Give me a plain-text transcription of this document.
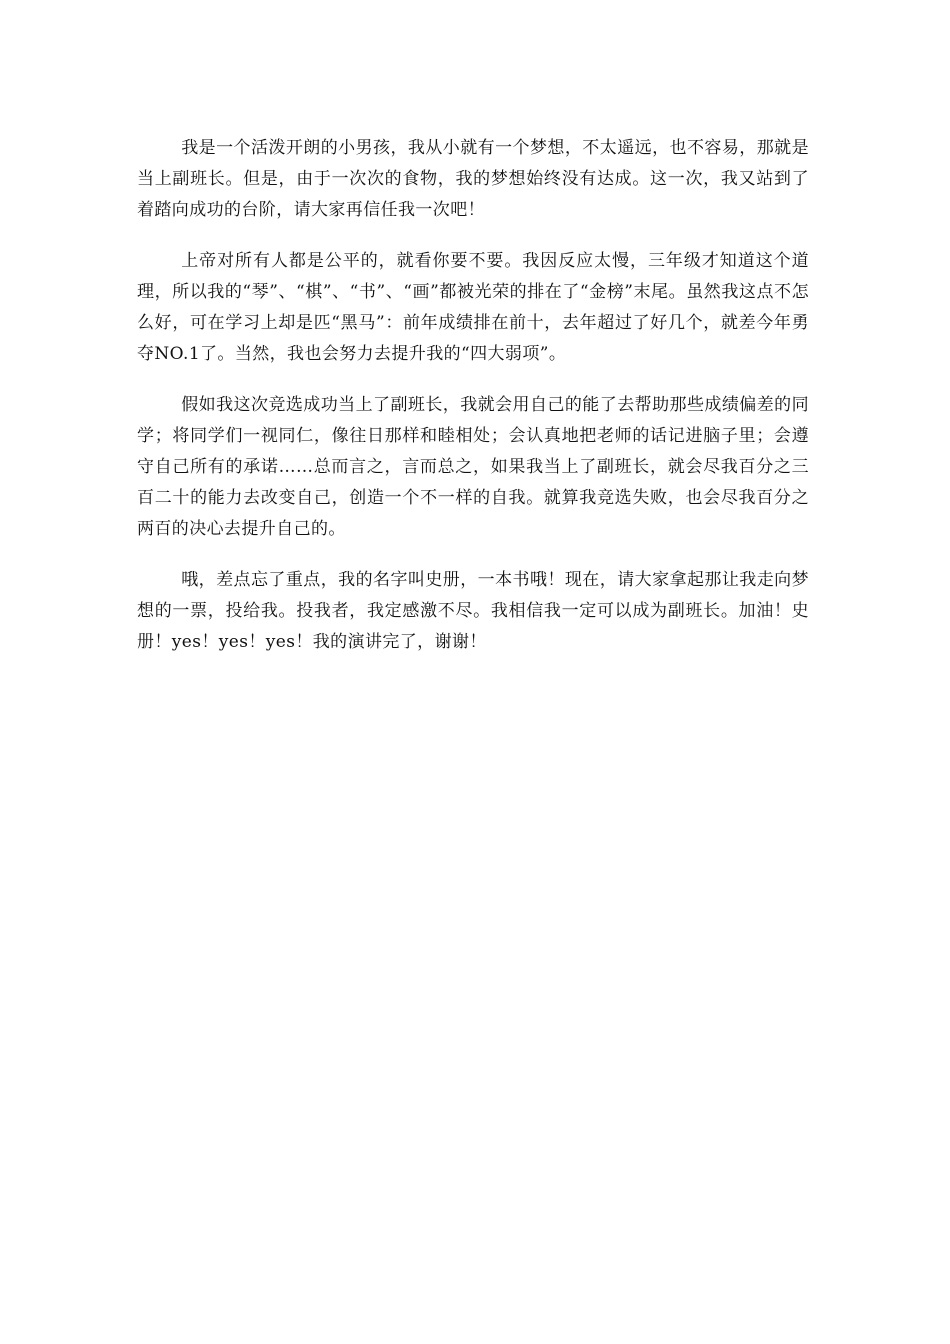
我是一个活泼开朗的小男孩，我从小就有一个梦想，不太遥远，也不容易，那就是当上副班长。但是，由于一次次的食物，我的梦想始终没有达成。这一次，我又站到了着踏向成功的台阶，请大家再信任我一次吧！

上帝对所有人都是公平的，就看你要不要。我因反应太慢，三年级才知道这个道理，所以我的“琴”、“棋”、“书”、“画”都被光荣的排在了“金榜”末尾。虽然我这点不怎么好，可在学习上却是匹“黑马”：前年成绩排在前十，去年超过了好几个，就差今年勇夺NO.1了。当然，我也会努力去提升我的“四大弱项”。

假如我这次竞选成功当上了副班长，我就会用自己的能了去帮助那些成绩偏差的同学；将同学们一视同仁，像往日那样和睦相处；会认真地把老师的话记进脑子里；会遵守自己所有的承诺……总而言之，言而总之，如果我当上了副班长，就会尽我百分之三百二十的能力去改变自己，创造一个不一样的自我。就算我竞选失败，也会尽我百分之两百的决心去提升自己的。

哦，差点忘了重点，我的名字叫史册，一本书哦！现在，请大家拿起那让我走向梦想的一票，投给我。投我者，我定感激不尽。我相信我一定可以成为副班长。加油！史册！yes！yes！yes！我的演讲完了，谢谢！
